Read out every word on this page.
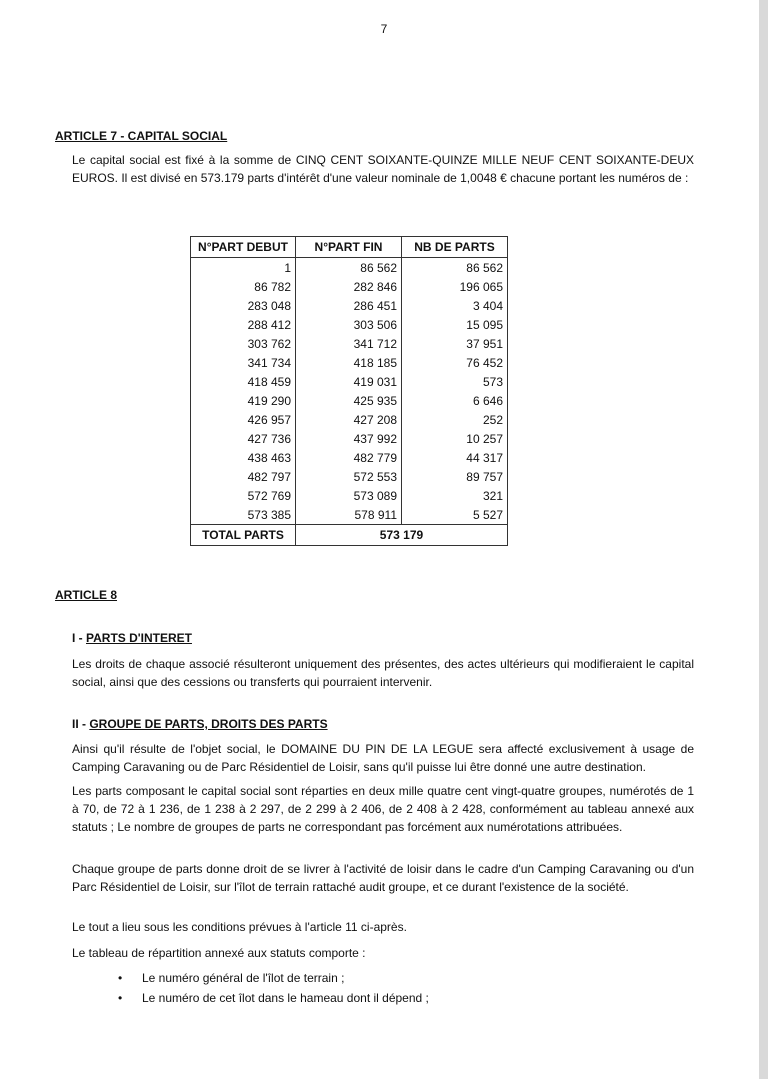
7
ARTICLE 7 - CAPITAL SOCIAL
Le capital social est fixé à la somme de CINQ CENT SOIXANTE-QUINZE MILLE NEUF CENT SOIXANTE-DEUX EUROS. Il est divisé en 573.179 parts d'intérêt d'une valeur nominale de 1,0048 € chacune portant les numéros de :
N°PART DEBUT	N°PART FIN	NB DE PARTS
1	86 562	86 562
86 782	282 846	196 065
283 048	286 451	3 404
288 412	303 506	15 095
303 762	341 712	37 951
341 734	418 185	76 452
418 459	419 031	573
419 290	425 935	6 646
426 957	427 208	252
427 736	437 992	10 257
438 463	482 779	44 317
482 797	572 553	89 757
572 769	573 089	321
573 385	578 911	5 527
TOTAL PARTS	573 179	
ARTICLE 8
I - PARTS D'INTERET
Les droits de chaque associé résulteront uniquement des présentes, des actes ultérieurs qui modifieraient le capital social, ainsi que des cessions ou transferts qui pourraient intervenir.
II - GROUPE DE PARTS, DROITS DES PARTS
Ainsi qu'il résulte de l'objet social, le DOMAINE DU PIN DE LA LEGUE sera affecté exclusivement à usage de Camping Caravaning ou de Parc Résidentiel de Loisir, sans qu'il puisse lui être donné une autre destination.
Les parts composant le capital social sont réparties en deux mille quatre cent vingt-quatre groupes, numérotés de 1 à 70, de 72 à 1 236, de 1 238 à 2 297, de 2 299 à 2 406, de 2 408 à 2 428, conformément au tableau annexé aux statuts ; Le nombre de groupes de parts ne correspondant pas forcément aux numérotations attribuées.
Chaque groupe de parts donne droit de se livrer à l'activité de loisir dans le cadre d'un Camping Caravaning ou d'un Parc Résidentiel de Loisir, sur l'îlot de terrain rattaché audit groupe, et ce durant l'existence de la société.
Le tout a lieu sous les conditions prévues à l'article 11 ci-après.
Le tableau de répartition annexé aux statuts comporte :
• Le numéro général de l'îlot de terrain ;
• Le numéro de cet îlot dans le hameau dont il dépend ;
